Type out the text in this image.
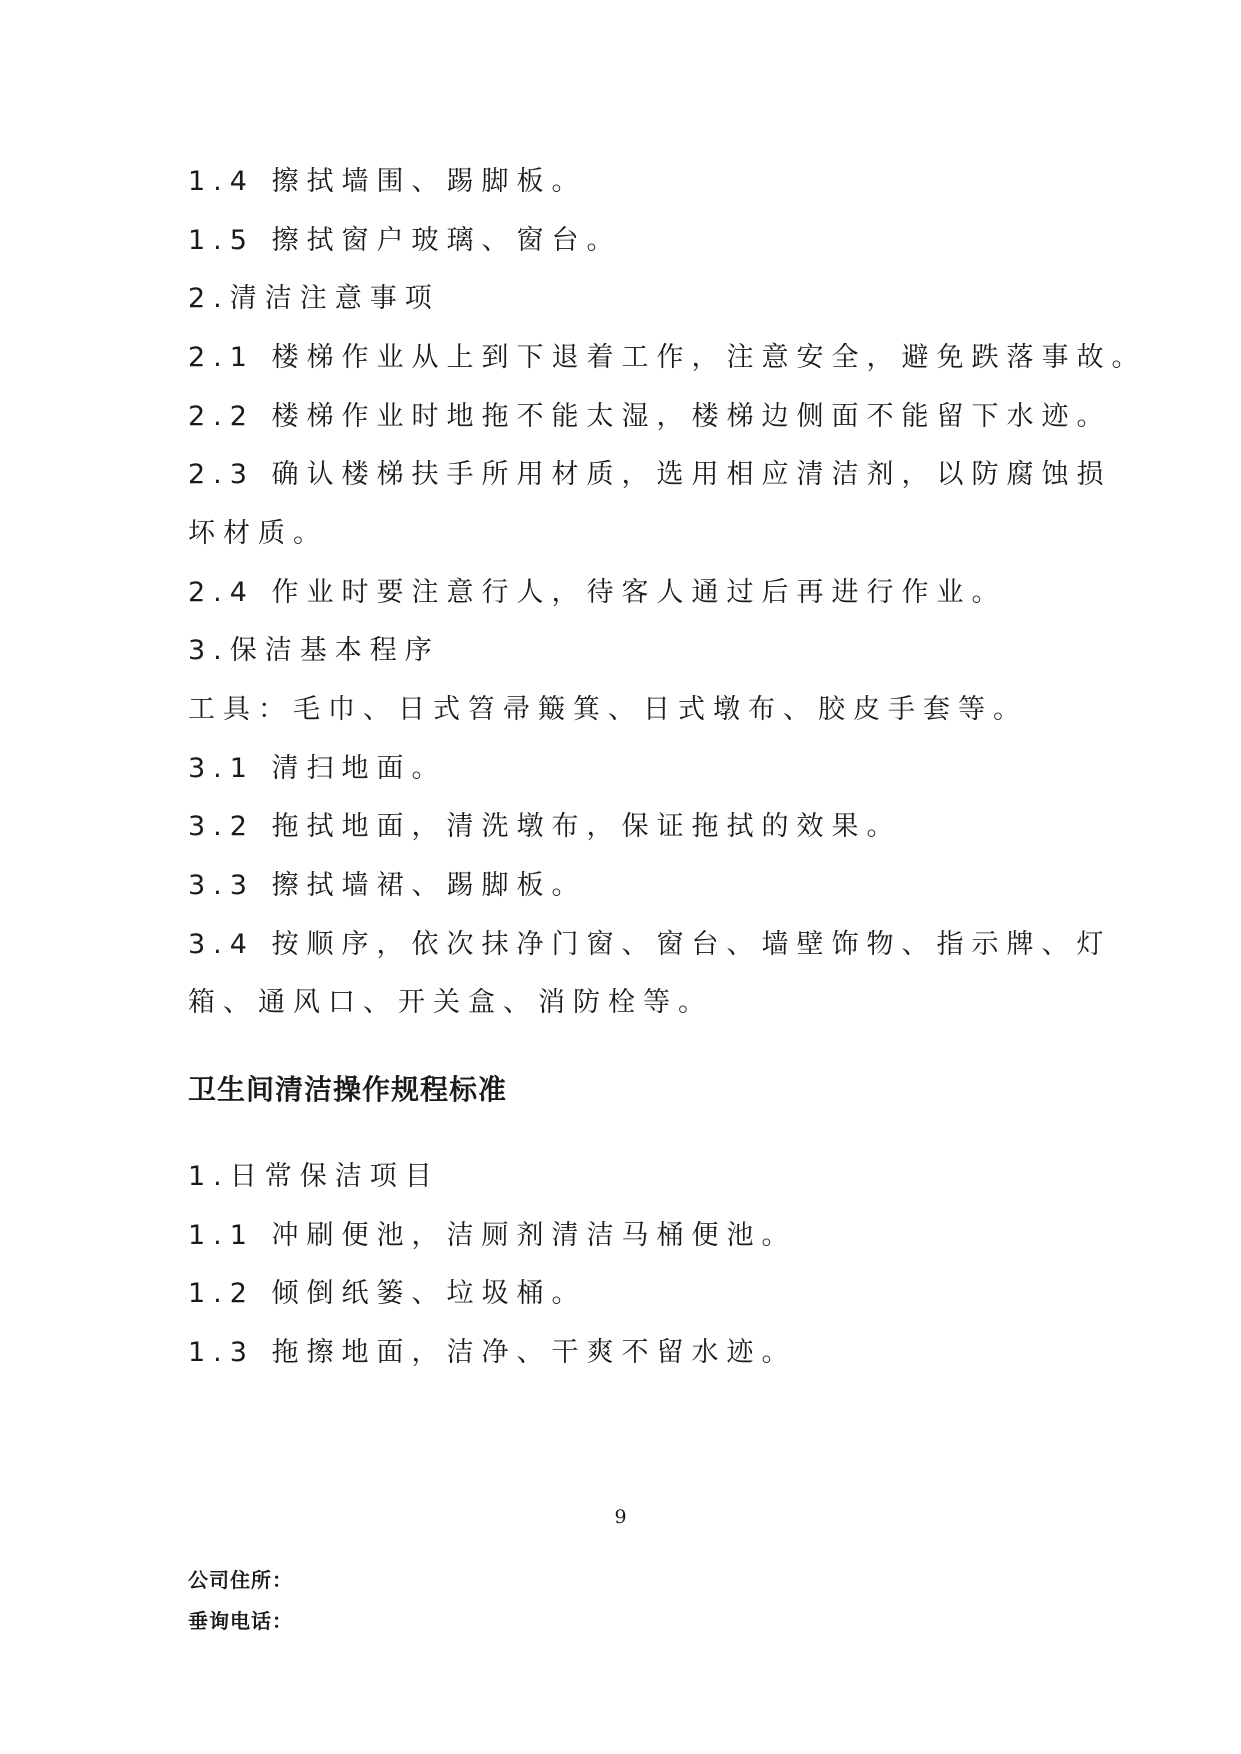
1.4 擦拭墙围、踢脚板。
1.5 擦拭窗户玻璃、窗台。
2.清洁注意事项
2.1 楼梯作业从上到下退着工作，注意安全，避免跌落事故。
2.2 楼梯作业时地拖不能太湿，楼梯边侧面不能留下水迹。
2.3 确认楼梯扶手所用材质，选用相应清洁剂，以防腐蚀损
坏材质。
2.4 作业时要注意行人，待客人通过后再进行作业。
3.保洁基本程序
工具：毛巾、日式笤帚簸箕、日式墩布、胶皮手套等。
3.1 清扫地面。
3.2 拖拭地面，清洗墩布，保证拖拭的效果。
3.3 擦拭墙裙、踢脚板。
3.4 按顺序，依次抹净门窗、窗台、墙壁饰物、指示牌、灯
箱、通风口、开关盒、消防栓等。
卫生间清洁操作规程标准
1.日常保洁项目
1.1 冲刷便池，洁厕剂清洁马桶便池。
1.2 倾倒纸篓、垃圾桶。
1.3 拖擦地面，洁净、干爽不留水迹。
9
公司住所：
垂询电话：
